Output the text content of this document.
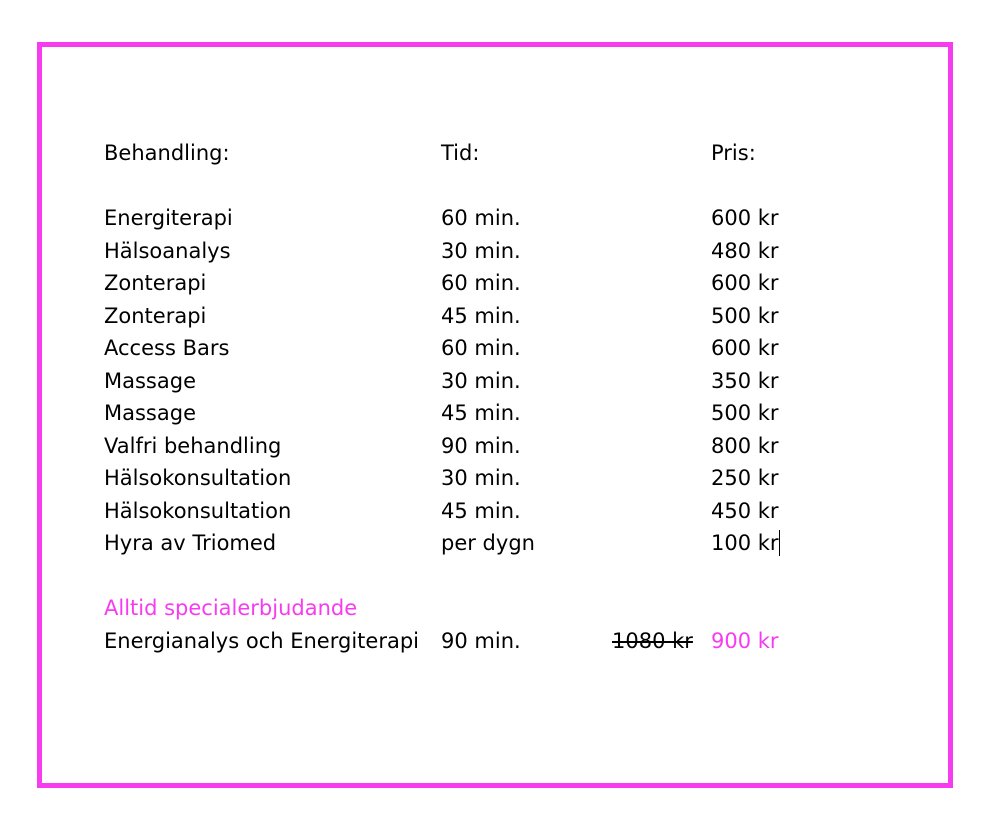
Behandling:	Tid:	Pris:
Energiterapi	60 min.	600 kr
Hälsoanalys	30 min.	480 kr
Zonterapi	60 min.	600 kr
Zonterapi	45 min.	500 kr
Access Bars	60 min.	600 kr
Massage	30 min.	350 kr
Massage	45 min.	500 kr
Valfri behandling	90 min.	800 kr
Hälsokonsultation	30 min.	250 kr
Hälsokonsultation	45 min.	450 kr
Hyra av Triomed	per dygn	100 kr
Alltid specialerbjudande
Energianalys och Energiterapi 90 min.	1080 kr 900 kr
